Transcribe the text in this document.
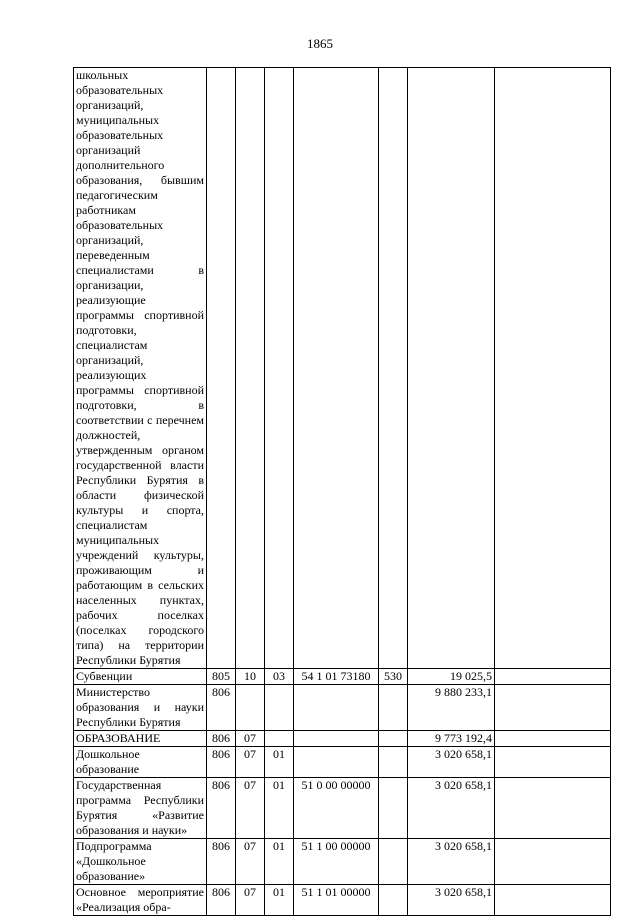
1865
школьных образовательных организаций, муниципальных образовательных организаций дополнительного образования, бывшим педагогическим работникам образовательных организаций, переведенным специалистами в организации, реализующие программы спортивной подготовки, специалистам организаций, реализующих программы спортивной подготовки, в соответствии с перечнем должностей, утвержденным органом государственной власти Республики Бурятия в области физической культуры и спорта, специалистам муниципальных учреждений культуры, проживающим и работающим в сельских населенных пунктах, рабочих поселках (поселках городского типа) на территории Республики Бурятия							
Субвенции	805	10	03	54 1 01 73180	530	19 025,5	
Министерство образования и науки Республики Бурятия	806					9 880 233,1	
ОБРАЗОВАНИЕ	806	07				9 773 192,4	
Дошкольное образование	806	07	01			3 020 658,1	
Государственная программа Республики Бурятия «Развитие образования и науки»	806	07	01	51 0 00 00000		3 020 658,1	
Подпрограмма «Дошкольное образование»	806	07	01	51 1 00 00000		3 020 658,1	
Основное мероприятие «Реализация обра-	806	07	01	51 1 01 00000		3 020 658,1	
